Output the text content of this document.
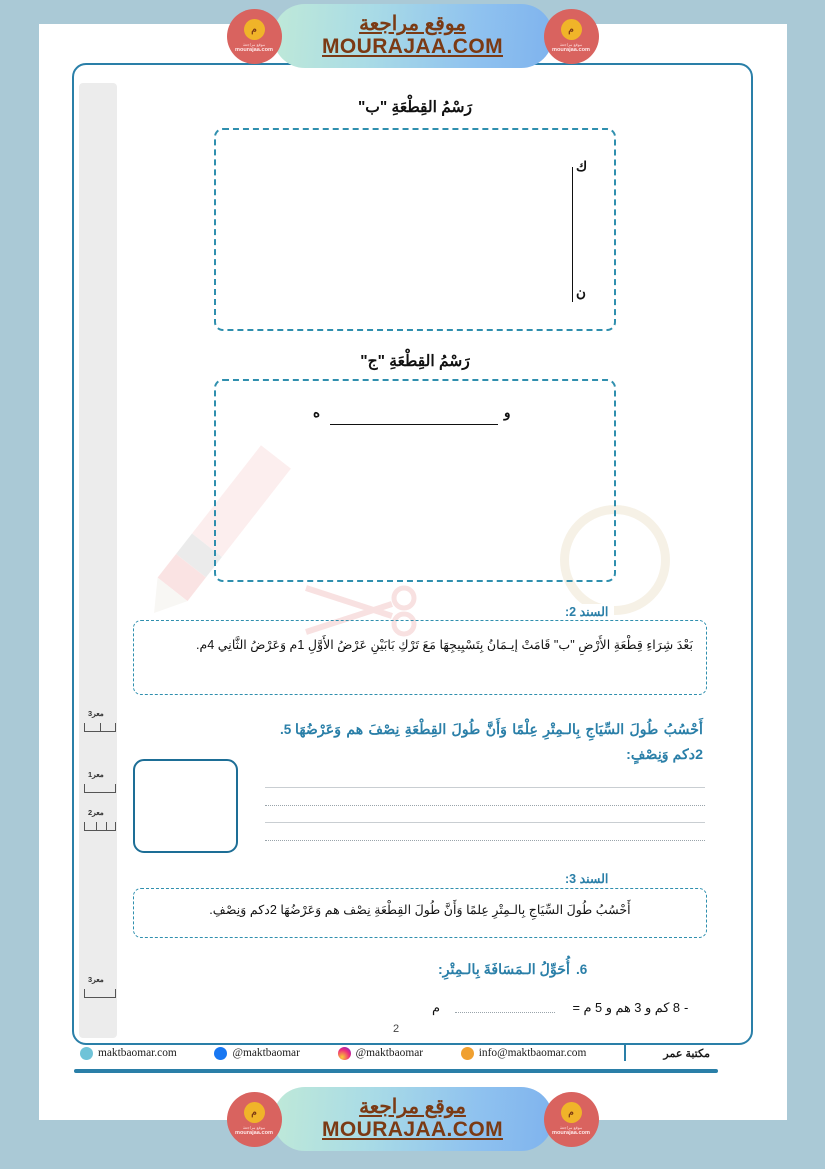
م
موقع مراجعة
mourajaa.com
موقع مراجعة
MOURAJAA.COM
م
موقع مراجعة
mourajaa.com
رَسْمُ القِطْعَةِ "ب"
ك
ن
رَسْمُ القِطْعَةِ "ج"
و
ه
السند 2:
بَعْدَ شِرَاءِ قِطْعَةِ الأَرْضِ "ب" قَامَتْ إيـمَانُ بِتَسْيِيجِهَا مَعَ تَرْكِ بَابَيْنِ عَرْضُ الأَوَّلِ 1م وَعَرْضُ الثَّانِي 4م.
5. أَحْسُبُ طُولَ السِّيَاجِ بِالـمِتْرِ عِلْمًا وَأَنَّ طُولَ القِطْعَةِ نِصْفَ هم وَعَرْضُهَا 2دكم وَنِصْفٍ:
السند 3:
أَحْسُبُ طُولَ السِّيَاجِ بِالـمِتْرِ عِلمًا وَأَنَّ طُولَ القِطْعَةِ نِصْف هم وَعَرْضُهَا 2دكم وَنِصْفِ.
6.
أُحَوِّلُ الـمَسَافَةَ بِالـمِتْرِ:
-
8 كم و 3 هم و 5 م =
م
معر3
معر1
معر2
معر3
2
maktbaomar.com	@maktbaomar	@maktbaomar	info@maktbaomar.com	مكتبة عمر
م
موقع مراجعة
mourajaa.com
موقع مراجعة
MOURAJAA.COM
م
موقع مراجعة
mourajaa.com
